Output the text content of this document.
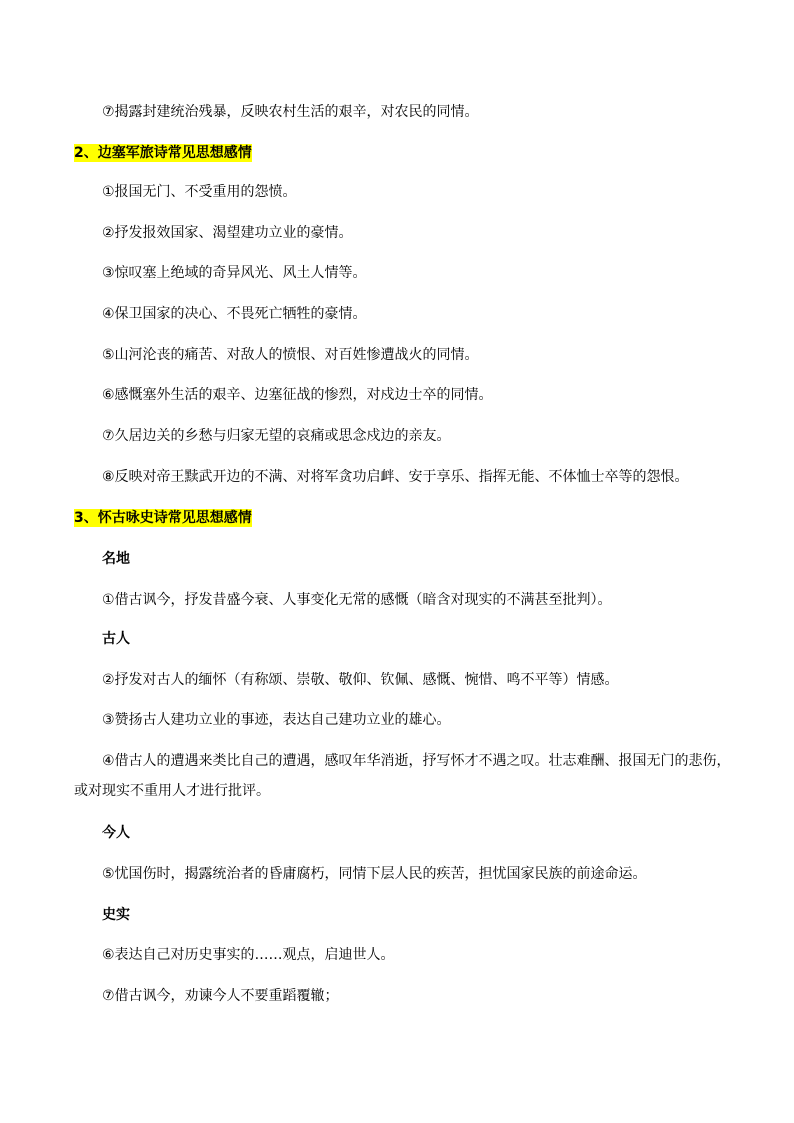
⑦揭露封建统治残暴，反映农村生活的艰辛，对农民的同情。
2、边塞军旅诗常见思想感情
①报国无门、不受重用的怨愤。
②抒发报效国家、渴望建功立业的豪情。
③惊叹塞上绝域的奇异风光、风土人情等。
④保卫国家的决心、不畏死亡牺牲的豪情。
⑤山河沦丧的痛苦、对敌人的愤恨、对百姓惨遭战火的同情。
⑥感慨塞外生活的艰辛、边塞征战的惨烈，对戍边士卒的同情。
⑦久居边关的乡愁与归家无望的哀痛或思念戍边的亲友。
⑧反映对帝王黩武开边的不满、对将军贪功启衅、安于享乐、指挥无能、不体恤士卒等的怨恨。
3、怀古咏史诗常见思想感情
名地
①借古讽今，抒发昔盛今衰、人事变化无常的感慨（暗含对现实的不满甚至批判）。
古人
②抒发对古人的缅怀（有称颂、崇敬、敬仰、钦佩、感慨、惋惜、鸣不平等）情感。
③赞扬古人建功立业的事迹，表达自己建功立业的雄心。
④借古人的遭遇来类比自己的遭遇，感叹年华消逝，抒写怀才不遇之叹。壮志难酬、报国无门的悲伤，或对现实不重用人才进行批评。
今人
⑤忧国伤时，揭露统治者的昏庸腐朽，同情下层人民的疾苦，担忧国家民族的前途命运。
史实
⑥表达自己对历史事实的……观点，启迪世人。
⑦借古讽今，劝谏今人不要重蹈覆辙；
